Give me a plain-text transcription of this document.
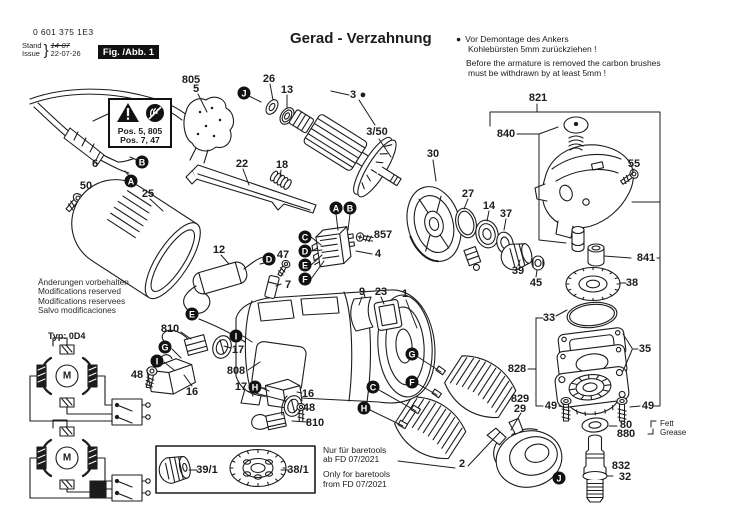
0 601 375 1E3
Stand
Issue } 14-07
22-07-26	Fig. /Abb. 1
Gerad - Verzahnung	● Vor Demontage des Ankers
Kohlebürsten 5mm zurückziehen !
Before the armature is removed the carbon brushes
must be withdrawn by at least 5mm !
Pos. 5, 805
Pos. 7, 47
Änderungen vorbehalten
Modifications reserved
Modifications reservees
Salvo modificaciones
Typ: 0D4
Nur für baretools
ab FD 07/2021
Only for baretools
from FD 07/2021
Fett
Grease
M
M
805
5
6
50
25
26
13	3 ●
3/50
30
22	18
821
840
55
27
14
37
841
39
45	38
33
35
828
829
29 49	49
80
880
832
32
2
857
4
12	47
7
9 23 1
810
17
48
16
808
17
16
48
810
39/1	38/1
J
B
A
A B
C
D
E
F
D
E
I
G
I
H
G
F
C
H
J
